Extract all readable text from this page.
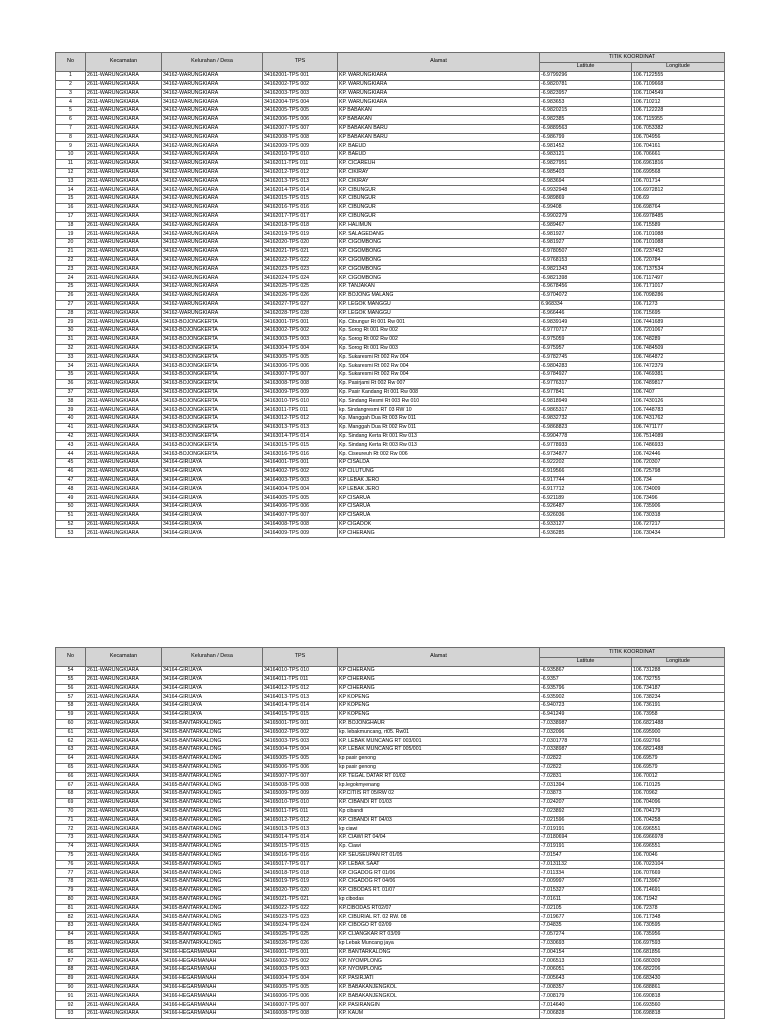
No	Kecamatan	Kelurahan / Desa	TPS	Alamat	TITIK KOORDINAT	
					Latitute	Longitude
1	2611-WARUNGKIARA	34162-WARUNGKIARA	34162001-TPS 001	KP. WARUNGKIARA	-6.9799296	106.7122555
2	2611-WARUNGKIARA	34162-WARUNGKIARA	34162002-TPS 002	KP. WARUNGKIARA	-6.9820781	106.7109668
3	2611-WARUNGKIARA	34162-WARUNGKIARA	34162003-TPS 003	KP. WARUNGKIARA	-6.9823957	106.7104549
4	2611-WARUNGKIARA	34162-WARUNGKIARA	34162004-TPS 004	KP. WARUNGKIARA	-6.983653	106.710212
5	2611-WARUNGKIARA	34162-WARUNGKIARA	34162005-TPS 005	KP BABAKAN	-6.9820215	106.7122228
6	2611-WARUNGKIARA	34162-WARUNGKIARA	34162006-TPS 006	KP BABAKAN	-6.982385	106.7115955
7	2611-WARUNGKIARA	34162-WARUNGKIARA	34162007-TPS 007	KP BABAKAN BARU	-6.9889563	106.7053382
8	2611-WARUNGKIARA	34162-WARUNGKIARA	34162008-TPS 008	KP BABAKAN BARU	-6.986799	106.704956
9	2611-WARUNGKIARA	34162-WARUNGKIARA	34162009-TPS 009	KP. BAEUD	-6.981452	106.704161
10	2611-WARUNGKIARA	34162-WARUNGKIARA	34162010-TPS 010	KP. BAEUD	-6.983121	106.706661
11	2611-WARUNGKIARA	34162-WARUNGKIARA	34162011-TPS 011	KP. CICAREUH	-6.9827951	106.6961816
12	2611-WARUNGKIARA	34162-WARUNGKIARA	34162012-TPS 012	KP. CIKIRAY	-6.985403	106.699568
13	2611-WARUNGKIARA	34162-WARUNGKIARA	34162013-TPS 013	KP. CIKIRAY	-6.983694	106.701714
14	2611-WARUNGKIARA	34162-WARUNGKIARA	34162014-TPS 014	KP. CIBUNGUR	-6.9932948	106.6972812
15	2611-WARUNGKIARA	34162-WARUNGKIARA	34162015-TPS 015	KP. CIBUNGUR	-6.989869	106.69
16	2611-WARUNGKIARA	34162-WARUNGKIARA	34162016-TPS 016	KP. CIBUNGUR	-6.99408	106.698764
17	2611-WARUNGKIARA	34162-WARUNGKIARA	34162017-TPS 017	KP. CIBUNGUR	-6.9902279	106.6978485
18	2611-WARUNGKIARA	34162-WARUNGKIARA	34162018-TPS 018	KP. HALIMUN	-6.989467	106.715589
19	2611-WARUNGKIARA	34162-WARUNGKIARA	34162019-TPS 019	KP. SALAGEDANG	-6.981927	106.7101088
20	2611-WARUNGKIARA	34162-WARUNGKIARA	34162020-TPS 020	KP. CIGOMBONG	-6.981927	106.7101088
21	2611-WARUNGKIARA	34162-WARUNGKIARA	34162021-TPS 021	KP. CIGOMBONG	-6.9780507	106.7237452
22	2611-WARUNGKIARA	34162-WARUNGKIARA	34162022-TPS 022	KP. CIGOMBONG	-6.9768153	106.720784
23	2611-WARUNGKIARA	34162-WARUNGKIARA	34162023-TPS 023	KP. CIGOMBONG	-6.9821343	106.7137534
24	2611-WARUNGKIARA	34162-WARUNGKIARA	34162024-TPS 024	KP. CIGOMBONG	-6.9821398	106.7117497
25	2611-WARUNGKIARA	34162-WARUNGKIARA	34162025-TPS 025	KP. TANJAKAN	-6.9678456	106.7171017
26	2611-WARUNGKIARA	34162-WARUNGKIARA	34162026-TPS 026	KP. BOJONG MALANG	-6.9704072	106.7098286
27	2611-WARUNGKIARA	34162-WARUNGKIARA	34162027-TPS 027	KP. LEGOK MANGGU	6.968334	106.71273
28	2611-WARUNGKIARA	34162-WARUNGKIARA	34162028-TPS 028	KP. LEGOK MANGGU	-6.966446	106.715695
29	2611-WARUNGKIARA	34163-BOJONGKERTA	34163001-TPS 001	Kp. Cibungur Rt 001 Rw 001	-6.9839149	106.7441689
30	2611-WARUNGKIARA	34163-BOJONGKERTA	34163002-TPS 002	Kp. Sorog Rt 001 Rw 002	-6.9770717	106.7201067
31	2611-WARUNGKIARA	34163-BOJONGKERTA	34163003-TPS 003	Kp. Sorog Rt 002 Rw 002	-6.975059	106.748289
32	2611-WARUNGKIARA	34163-BOJONGKERTA	34163004-TPS 004	Kp. Sorog Rt 001 Rw 003	-6.975957	106.7484509
33	2611-WARUNGKIARA	34163-BOJONGKERTA	34163005-TPS 005	Kp. Sukaresmi Rt 002 Rw 004	-6.9782745	106.7464872
34	2611-WARUNGKIARA	34163-BOJONGKERTA	34163006-TPS 006	Kp. Sukaresmi Rt 002 Rw 004	-6.9804283	106.7472379
35	2611-WARUNGKIARA	34163-BOJONGKERTA	34163007-TPS 007	Kp. Sukaresmi Rt 002 Rw 004	-6.9784927	106.7469381
36	2611-WARUNGKIARA	34163-BOJONGKERTA	34163008-TPS 008	Kp. Pasirjami Rt 002 Rw 007	-6.9776317	106.7489817
37	2611-WARUNGKIARA	34163-BOJONGKERTA	34163009-TPS 009	Kp. Pasir Kandang Rt 001 Rw 008	-6.977841	106.7407
38	2611-WARUNGKIARA	34163-BOJONGKERTA	34163010-TPS 010	Kp. Sindang Resmi Rt 003 Rw 010	-6.9818949	106.7430126
39	2611-WARUNGKIARA	34163-BOJONGKERTA	34163011-TPS 011	kp. Sindangresmi RT 03 RW 10	-6.9865317	106.7448783
40	2611-WARUNGKIARA	34163-BOJONGKERTA	34163012-TPS 012	Kp. Manggah Dua Rt 003 Rw 011	-6.9832732	106.7431762
41	2611-WARUNGKIARA	34163-BOJONGKERTA	34163013-TPS 013	Kp. Manggah Dua Rt 002 Rw 011	-6.9868823	106.7471177
42	2611-WARUNGKIARA	34163-BOJONGKERTA	34163014-TPS 014	Kp. Sindang Kerta Rt 001 Rw 013	-6.9904778	106.7514089
43	2611-WARUNGKIARA	34163-BOJONGKERTA	34163015-TPS 015	Kp. Sindang Kerta Rt 003 Rw 013	-6.9778933	106.7486933
44	2611-WARUNGKIARA	34163-BOJONGKERTA	34163016-TPS 016	Kp. Ciseureuh Rt 002 Rw 006	-6.9734877	106.742446
45	2611-WARUNGKIARA	34164-GIRIJAYA	34164001-TPS 001	KP CISALDA	-6.922202	106.720307
46	2611-WARUNGKIARA	34164-GIRIJAYA	34164002-TPS 002	KP CILUTUNG	-6.919566	106.725798
47	2611-WARUNGKIARA	34164-GIRIJAYA	34164003-TPS 003	KP LEBAK JERO	-6.917744	106.734
48	2611-WARUNGKIARA	34164-GIRIJAYA	34164004-TPS 004	KP LEBAK JERO	-6.917712	106.734009
49	2611-WARUNGKIARA	34164-GIRIJAYA	34164005-TPS 005	KP CISARUA	-6.921189	106.73496
50	2611-WARUNGKIARA	34164-GIRIJAYA	34164006-TPS 006	KP CISARUA	-6.926487	106.735906
51	2611-WARUNGKIARA	34164-GIRIJAYA	34164007-TPS 007	KP CISARUA	-6.926036	106.730318
52	2611-WARUNGKIARA	34164-GIRIJAYA	34164008-TPS 008	KP CIGADOK	-6.933127	106.727217
53	2611-WARUNGKIARA	34164-GIRIJAYA	34164009-TPS 009	KP CIHERANG	-6.936285	106.730434
No	Kecamatan	Kelurahan / Desa	TPS	Alamat	TITIK KOORDINAT	
					Latitute	Longitude
54	2611-WARUNGKIARA	34164-GIRIJAYA	34164010-TPS 010	KP CIHERANG	-6.935867	106.731288
55	2611-WARUNGKIARA	34164-GIRIJAYA	34164011-TPS 011	KP CIHERANG	-6.9357	106.732755
56	2611-WARUNGKIARA	34164-GIRIJAYA	34164012-TPS 012	KP CIHERANG	-6.935796	106.734187
57	2611-WARUNGKIARA	34164-GIRIJAYA	34164013-TPS 013	KP KOPENG	-6.935902	106.738234
58	2611-WARUNGKIARA	34164-GIRIJAYA	34164014-TPS 014	KP KOPENG	-6.940723	106.736191
59	2611-WARUNGKIARA	34164-GIRIJAYA	34164015-TPS 015	KP KOPENG	-6.941249	106.73958
60	2611-WARUNGKIARA	34165-BANTARKALONG	34165001-TPS 001	KP. BOJONGHAUR	-7.0338987	106.6821488
61	2611-WARUNGKIARA	34165-BANTARKALONG	34165002-TPS 002	kp. lebakmuncang, rt05. Rw01	-7.032096	106.695900
62	2611-WARUNGKIARA	34165-BANTARKALONG	34165003-TPS 003	KP. LEBAK MUNCANG RT 003/001	-7.0301778	106.692766
63	2611-WARUNGKIARA	34165-BANTARKALONG	34165004-TPS 004	KP. LEBAK MUNCANG RT 005/001	-7.0338987	106.6821488
64	2611-WARUNGKIARA	34165-BANTARKALONG	34165005-TPS 005	kp pasir genong	-7.02822	106.69579
65	2611-WARUNGKIARA	34165-BANTARKALONG	34165006-TPS 006	kp pasir genong	-7.02822	106.69579
66	2611-WARUNGKIARA	34165-BANTARKALONG	34165007-TPS 007	KP. TEGAL DATAR RT 01/02	-7.02831	106.70012
67	2611-WARUNGKIARA	34165-BANTARKALONG	34165008-TPS 008	kp.legokmyenang	-7.031394	106.710125
68	2611-WARUNGKIARA	34165-BANTARKALONG	34165009-TPS 009	KP.CITIIS RT 05/RW 02	-7.03873	106.70962
69	2611-WARUNGKIARA	34165-BANTARKALONG	34165010-TPS 010	KP. CIBANDI RT 01/03	-7.024207	106.704096
70	2611-WARUNGKIARA	34165-BANTARKALONG	34165011-TPS 011	Kp cibandi	-7.023892	106.704179
71	2611-WARUNGKIARA	34165-BANTARKALONG	34165012-TPS 012	KP. CIBANDI RT 04/03	-7.021596	106.704258
72	2611-WARUNGKIARA	34165-BANTARKALONG	34165013-TPS 013	kp ciawi	-7.019191	106.696551
73	2611-WARUNGKIARA	34165-BANTARKALONG	34165014-TPS 014	KP. CIAWI RT 04/04	-7.0180694	106.6966978
74	2611-WARUNGKIARA	34165-BANTARKALONG	34165015-TPS 015	Kp. Ciawi	-7.019191	106.696551
75	2611-WARUNGKIARA	34165-BANTARKALONG	34165016-TPS 016	KP. SEUSEUPAN RT 01/05	-7.01547	106.70046
76	2611-WARUNGKIARA	34165-BANTARKALONG	34165017-TPS 017	KP. LEBAK SAAT	-7.0131132	106.7023104
77	2611-WARUNGKIARA	34165-BANTARKALONG	34165018-TPS 018	KP. CIGADOG RT 01/06	-7.011334	106.707669
78	2611-WARUNGKIARA	34165-BANTARKALONG	34165019-TPS 019	KP. CIGADOG RT 04/06	-7.009997	106.713967
79	2611-WARUNGKIARA	34165-BANTARKALONG	34165020-TPS 020	KP. CIBODAS RT. 01/07	-7.015327	106.714691
80	2611-WARUNGKIARA	34165-BANTARKALONG	34165021-TPS 021	kp cibodas	-7.01611	106.71942
81	2611-WARUNGKIARA	34165-BANTARKALONG	34165022-TPS 022	KP.CIBODAS RT02/07	-7.02105	106.72378
82	2611-WARUNGKIARA	34165-BANTARKALONG	34165023-TPS 023	KP. CIBURIAL RT. 02 RW. 08	-7.019677	106.717348
83	2611-WARUNGKIARA	34165-BANTARKALONG	34165024-TPS 024	KP. CIBOGO RT 02/09	-7.04835	106.730595
84	2611-WARUNGKIARA	34165-BANTARKALONG	34165025-TPS 025	KP. CIJANGKAR RT 03/09	-7.057274	106.735956
85	2611-WARUNGKIARA	34165-BANTARKALONG	34165026-TPS 026	kp Lebak Muncang jaya	-7.030693	106.697593
86	2611-WARUNGKIARA	34166-HEGARMANAH	34166001-TPS 001	KP. BANTARKALONG	-7.004154	106.681856
87	2611-WARUNGKIARA	34166-HEGARMANAH	34166002-TPS 002	KP. NYOMPLONG	-7.006513	106.680309
88	2611-WARUNGKIARA	34166-HEGARMANAH	34166003-TPS 003	KP. NYOMPLONG	-7.006051	106.682206
89	2611-WARUNGKIARA	34166-HEGARMANAH	34166004-TPS 004	KP. PASIRJATI	-7.005643	106.683430
90	2611-WARUNGKIARA	34166-HEGARMANAH	34166005-TPS 005	KP. BABAKANJENGKOL	-7.008357	106.688861
91	2611-WARUNGKIARA	34166-HEGARMANAH	34166006-TPS 006	KP. BABAKANJENGKOL	-7.008179	106.690818
92	2611-WARUNGKIARA	34166-HEGARMANAH	34166007-TPS 007	KP. PASIRANGIN	-7.014640	106.693560
93	2611-WARUNGKIARA	34166-HEGARMANAH	34166008-TPS 008	KP. KAUM	-7.006828	106.698818
